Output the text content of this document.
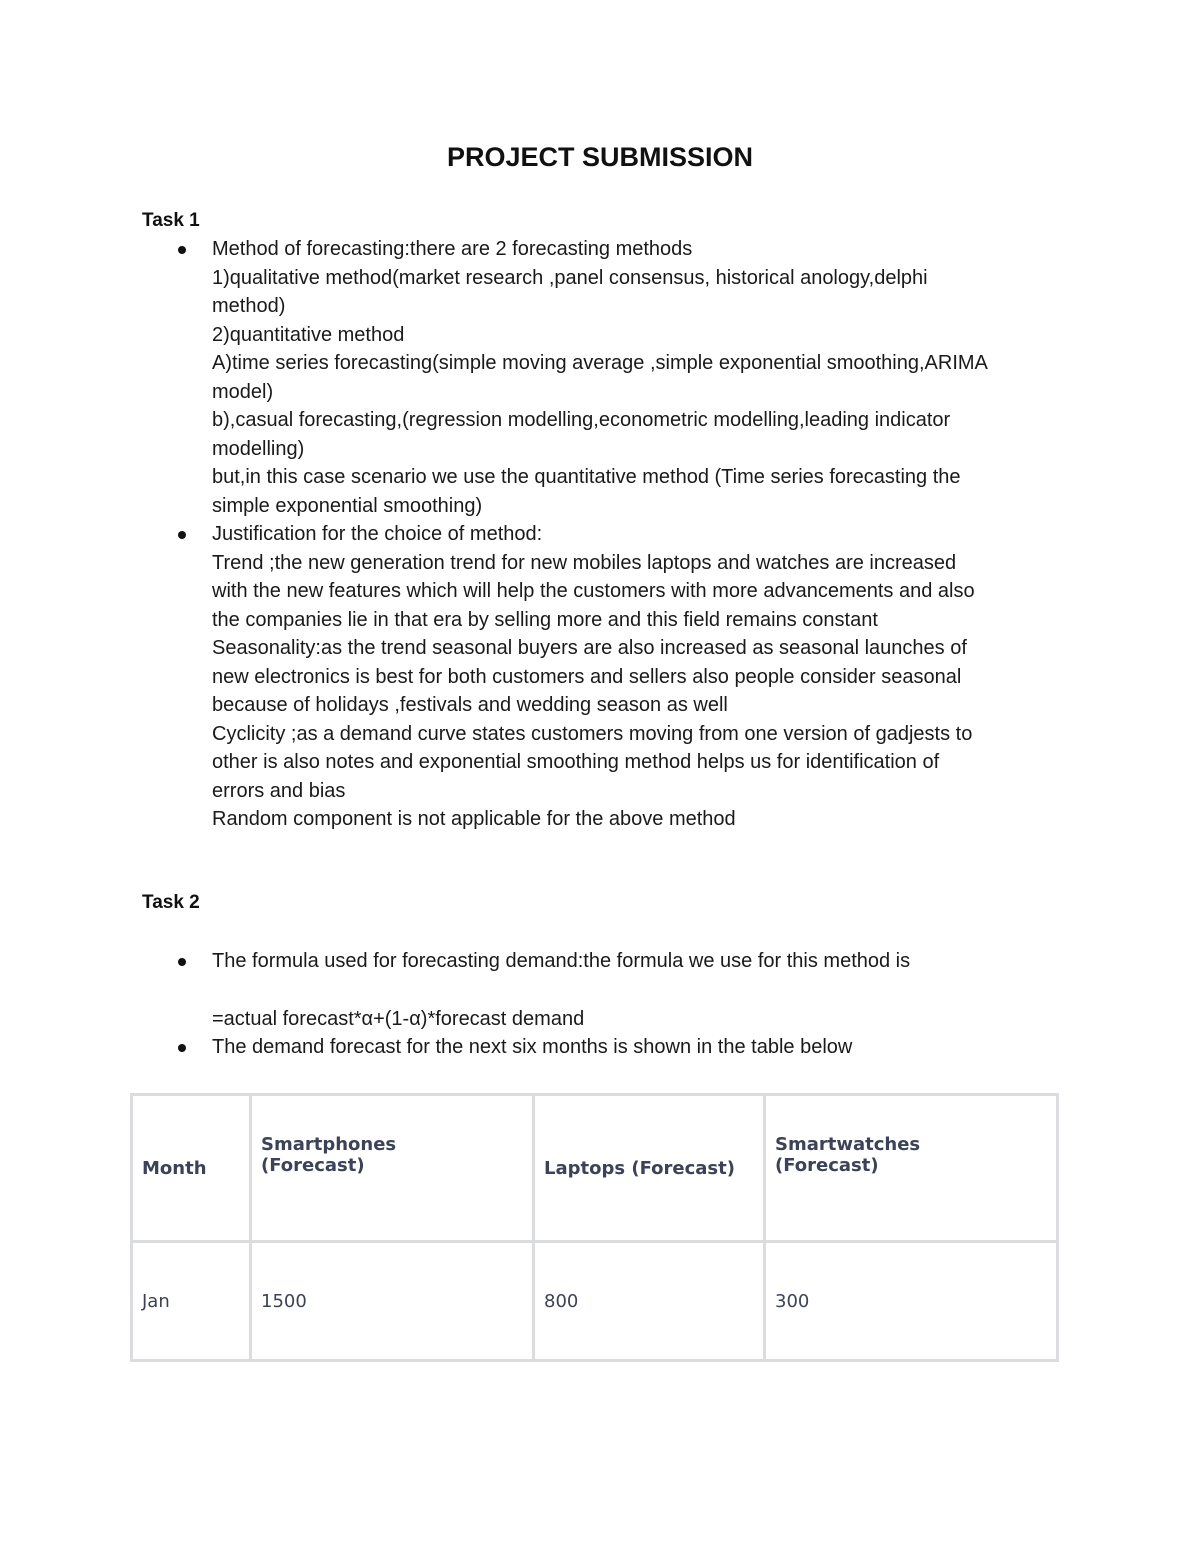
PROJECT SUBMISSION
Task 1
Method of forecasting:there are 2 forecasting methods
1)qualitative method(market research ,panel consensus, historical anology,delphi
method)
2)quantitative method
A)time series forecasting(simple moving average ,simple exponential smoothing,ARIMA
model)
b),casual forecasting,(regression modelling,econometric modelling,leading indicator
modelling)
but,in this case scenario we use the quantitative method (Time series forecasting the
simple exponential smoothing)
Justification for the choice of method:
Trend ;the new generation trend for new mobiles laptops and watches are increased
with the new features which will help the customers with more advancements and also
the companies lie in that era by selling more and this field remains constant
Seasonality:as the trend seasonal buyers are also increased as seasonal launches of
new electronics is best for both customers and sellers also people consider seasonal
because of holidays ,festivals and wedding season as well
Cyclicity ;as a demand curve states customers moving from one version of gadjests to
other is also notes and exponential smoothing method helps us for identification of
errors and bias
Random component is not applicable for the above method
Task 2
The formula used for forecasting demand:the formula we use for this method is
=actual forecast*α+(1-α)*forecast demand
The demand forecast for the next six months is shown in the table below
Month	Smartphones (Forecast)	Laptops (Forecast)	Smartwatches (Forecast)

Jan	1500	800	300
